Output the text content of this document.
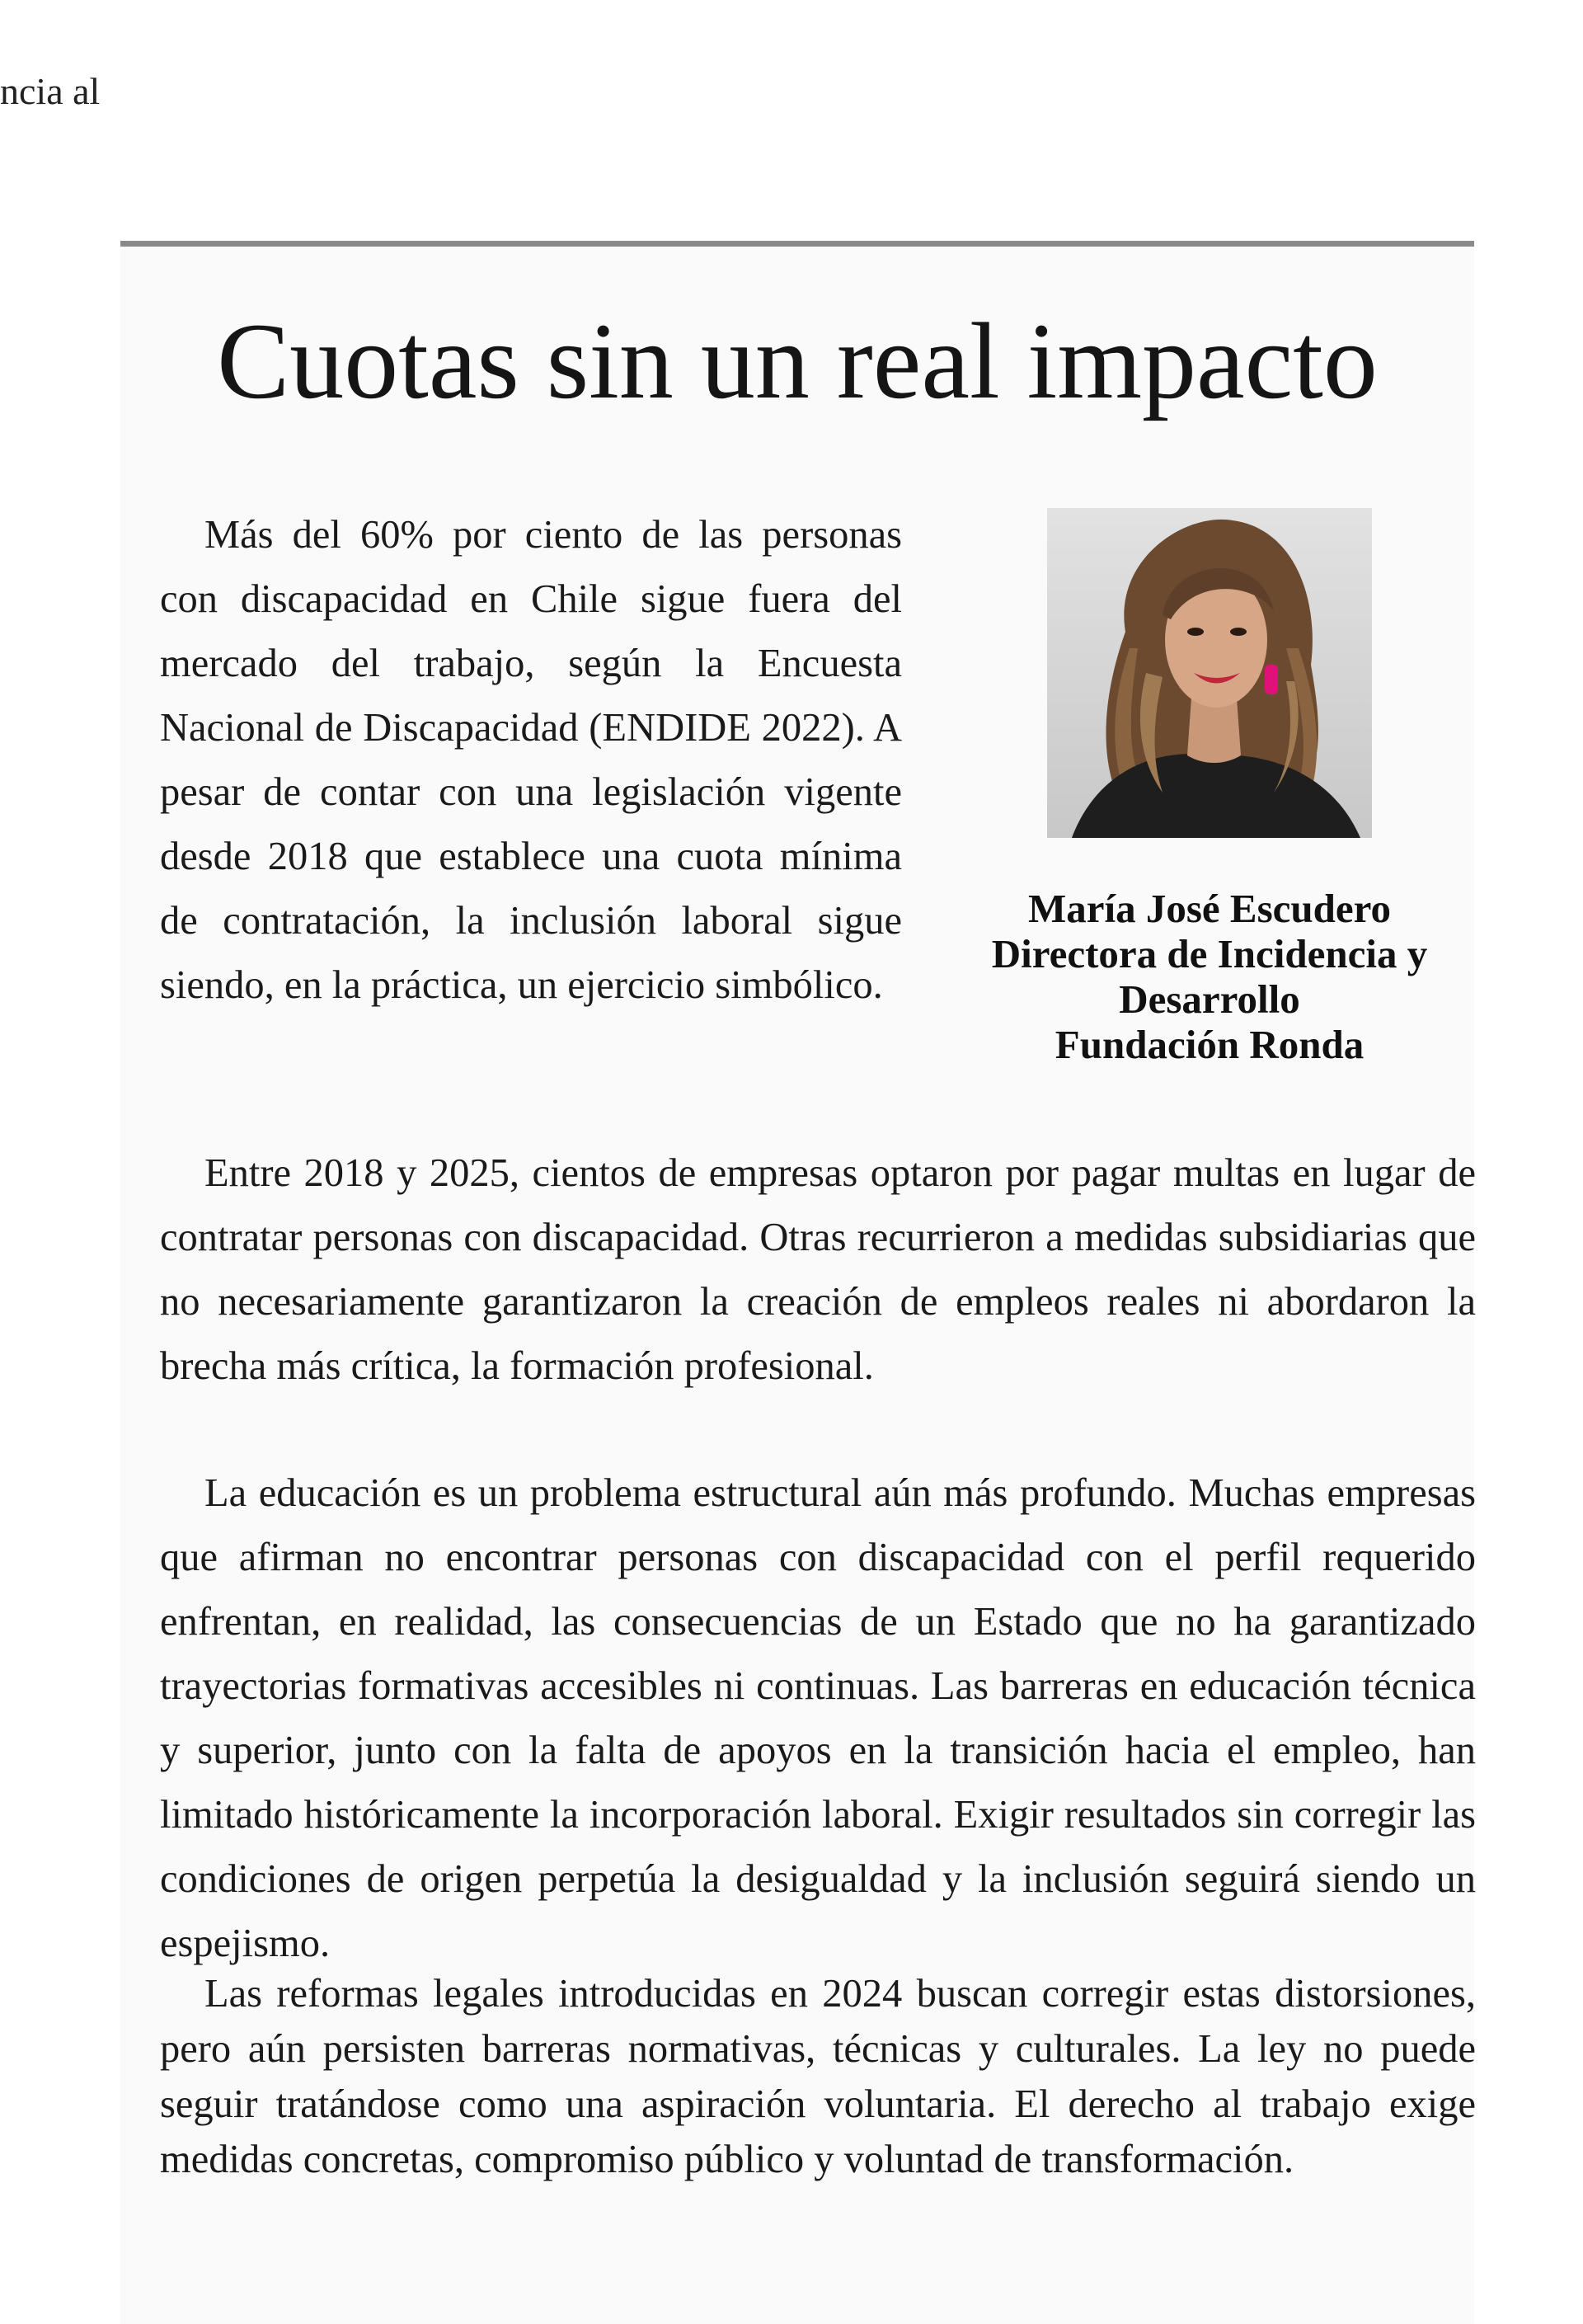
ncia al
Cuotas sin un real impacto

Más del 60% por ciento de las personas con discapacidad en Chile sigue fuera del mercado del trabajo, según la Encuesta Nacional de Discapacidad (ENDIDE 2022). A pesar de contar con una legislación vigente desde 2018 que establece una cuota mínima de contratación, la inclusión laboral sigue siendo, en la práctica, un ejercicio simbólico.

María José Escudero
Directora de Incidencia y
Desarrollo
Fundación Ronda

Entre 2018 y 2025, cientos de empresas optaron por pagar multas en lugar de contratar personas con discapacidad. Otras recurrieron a medidas subsidiarias que no necesariamente garantizaron la creación de empleos reales ni abordaron la brecha más crítica, la formación profesional.

La educación es un problema estructural aún más profundo. Muchas empresas que afirman no encontrar personas con discapacidad con el perfil requerido enfrentan, en realidad, las consecuencias de un Estado que no ha garantizado trayectorias formativas accesibles ni continuas. Las barreras en educación técnica y superior, junto con la falta de apoyos en la transición hacia el empleo, han limitado históricamente la incorporación laboral. Exigir resultados sin corregir las condiciones de origen perpetúa la desigualdad y la inclusión seguirá siendo un espejismo.

Las reformas legales introducidas en 2024 buscan corregir estas distorsiones, pero aún persisten barreras normativas, técnicas y culturales. La ley no puede seguir tratándose como una aspiración voluntaria. El derecho al trabajo exige medidas concretas, compromiso público y voluntad de transformación.
